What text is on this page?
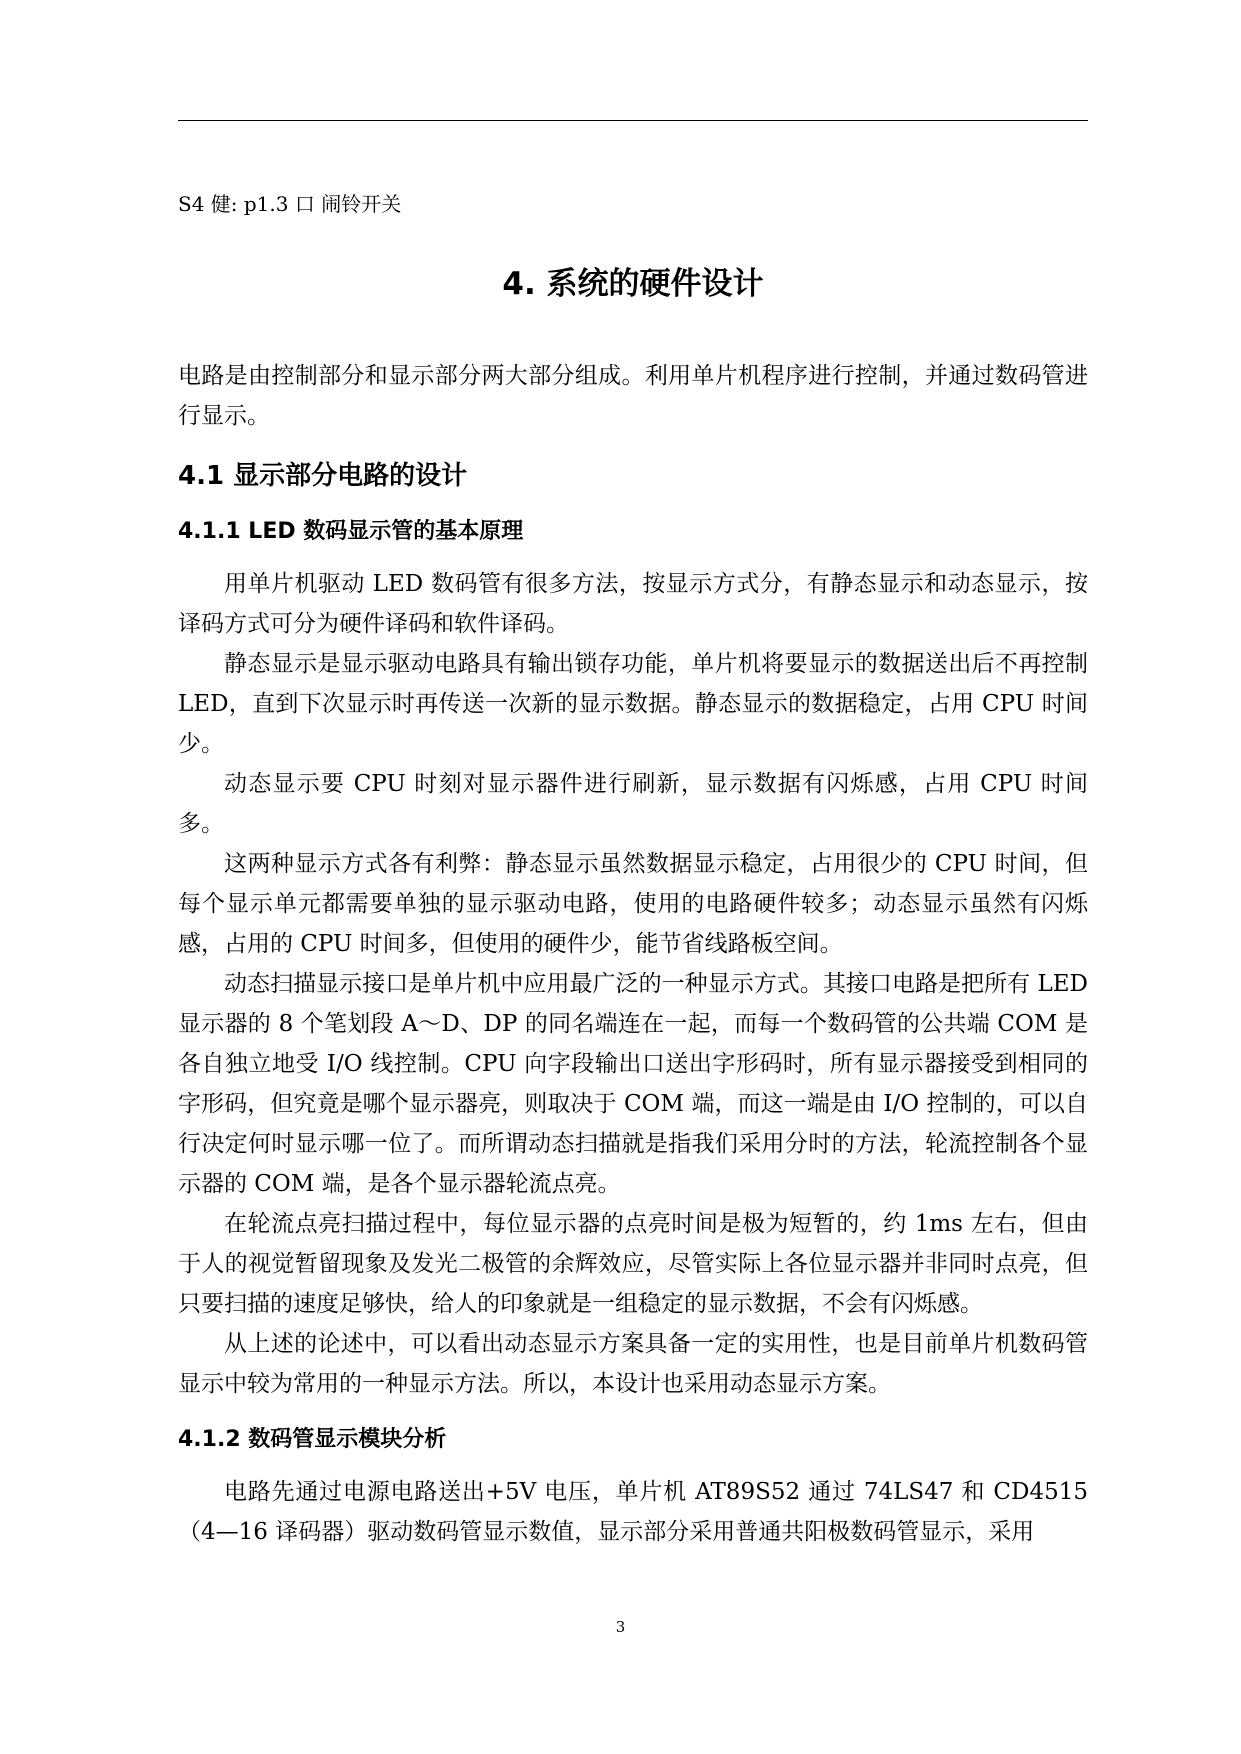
S4 健: p1.3 口 闹铃开关

4. 系统的硬件设计

电路是由控制部分和显示部分两大部分组成。利用单片机程序进行控制，并通过数码管进行显示。

4.1 显示部分电路的设计
4.1.1 LED 数码显示管的基本原理

用单片机驱动 LED 数码管有很多方法，按显示方式分，有静态显示和动态显示，按译码方式可分为硬件译码和软件译码。

静态显示是显示驱动电路具有输出锁存功能，单片机将要显示的数据送出后不再控制 LED，直到下次显示时再传送一次新的显示数据。静态显示的数据稳定，占用 CPU 时间少。

动态显示要 CPU 时刻对显示器件进行刷新，显示数据有闪烁感，占用 CPU 时间多。

这两种显示方式各有利弊：静态显示虽然数据显示稳定，占用很少的 CPU 时间，但每个显示单元都需要单独的显示驱动电路，使用的电路硬件较多；动态显示虽然有闪烁感，占用的 CPU 时间多，但使用的硬件少，能节省线路板空间。

动态扫描显示接口是单片机中应用最广泛的一种显示方式。其接口电路是把所有 LED 显示器的 8 个笔划段 A～D、DP 的同名端连在一起，而每一个数码管的公共端 COM 是各自独立地受 I/O 线控制。CPU 向字段输出口送出字形码时，所有显示器接受到相同的字形码，但究竟是哪个显示器亮，则取决于 COM 端，而这一端是由 I/O 控制的，可以自行决定何时显示哪一位了。而所谓动态扫描就是指我们采用分时的方法，轮流控制各个显示器的 COM 端，是各个显示器轮流点亮。

在轮流点亮扫描过程中，每位显示器的点亮时间是极为短暂的，约 1ms 左右，但由于人的视觉暂留现象及发光二极管的余辉效应，尽管实际上各位显示器并非同时点亮，但只要扫描的速度足够快，给人的印象就是一组稳定的显示数据，不会有闪烁感。

从上述的论述中，可以看出动态显示方案具备一定的实用性，也是目前单片机数码管显示中较为常用的一种显示方法。所以，本设计也采用动态显示方案。

4.1.2 数码管显示模块分析

电路先通过电源电路送出+5V 电压，单片机 AT89S52 通过 74LS47 和 CD4515（4—16 译码器）驱动数码管显示数值，显示部分采用普通共阳极数码管显示，采用

3
